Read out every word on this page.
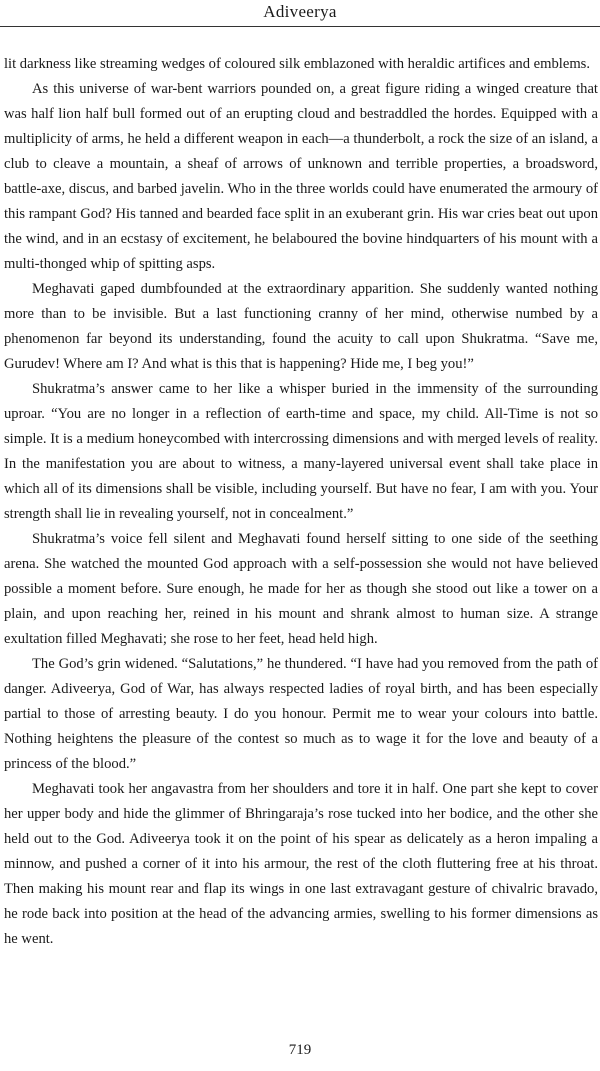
Adiveerya

lit darkness like streaming wedges of coloured silk emblazoned with heraldic artifices and emblems.

As this universe of war-bent warriors pounded on, a great figure riding a winged creature that was half lion half bull formed out of an erupting cloud and bestraddled the hordes. Equipped with a multiplicity of arms, he held a different weapon in each—a thunderbolt, a rock the size of an island, a club to cleave a mountain, a sheaf of arrows of unknown and terrible properties, a broadsword, battle-axe, discus, and barbed javelin. Who in the three worlds could have enumerated the armoury of this rampant God? His tanned and bearded face split in an exuberant grin. His war cries beat out upon the wind, and in an ecstasy of excitement, he belaboured the bovine hindquarters of his mount with a multi-thonged whip of spitting asps.

Meghavati gaped dumbfounded at the extraordinary apparition. She suddenly wanted nothing more than to be invisible. But a last functioning cranny of her mind, otherwise numbed by a phenomenon far beyond its understanding, found the acuity to call upon Shukratma. “Save me, Gurudev! Where am I? And what is this that is happening? Hide me, I beg you!”

Shukratma’s answer came to her like a whisper buried in the immensity of the surrounding uproar. “You are no longer in a reflection of earth-time and space, my child. All-Time is not so simple. It is a medium honeycombed with intercrossing dimensions and with merged levels of reality. In the manifestation you are about to witness, a many-layered universal event shall take place in which all of its dimensions shall be visible, including yourself. But have no fear, I am with you. Your strength shall lie in revealing yourself, not in concealment.”

Shukratma’s voice fell silent and Meghavati found herself sitting to one side of the seething arena. She watched the mounted God approach with a self-possession she would not have believed possible a moment before. Sure enough, he made for her as though she stood out like a tower on a plain, and upon reaching her, reined in his mount and shrank almost to human size. A strange exultation filled Meghavati; she rose to her feet, head held high.

The God’s grin widened. “Salutations,” he thundered. “I have had you removed from the path of danger. Adiveerya, God of War, has always respected ladies of royal birth, and has been especially partial to those of arresting beauty. I do you honour. Permit me to wear your colours into battle. Nothing heightens the pleasure of the contest so much as to wage it for the love and beauty of a princess of the blood.”

Meghavati took her angavastra from her shoulders and tore it in half. One part she kept to cover her upper body and hide the glimmer of Bhringaraja’s rose tucked into her bodice, and the other she held out to the God. Adiveerya took it on the point of his spear as delicately as a heron impaling a minnow, and pushed a corner of it into his armour, the rest of the cloth fluttering free at his throat. Then making his mount rear and flap its wings in one last extravagant gesture of chivalric bravado, he rode back into position at the head of the advancing armies, swelling to his former dimensions as he went.

719
